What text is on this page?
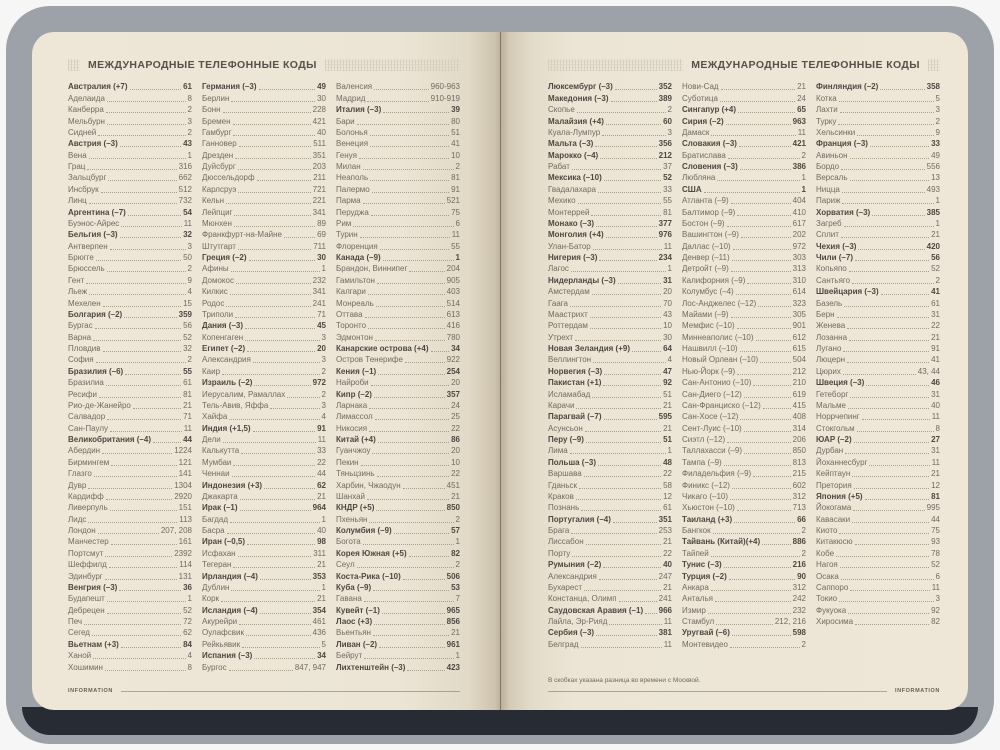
МЕЖДУНАРОДНЫЕ ТЕЛЕФОННЫЕ КОДЫ
Австралия (+7)	61
Аделаида	8
Канберра	2
Мельбурн	3
Сидней	2
Австрия (–3)	43
Вена	1
Грац	316
Зальцбург	662
Инсбрук	512
Линц	732
Аргентина (–7)	54
Буэнос-Айрес	11
Бельгия (–3)	32
Антверпен	3
Брюгге	50
Брюссель	2
Гент	9
Льеж	4
Мехелен	15
Болгария (–2)	359
Бургас	56
Варна	52
Пловдив	32
София	2
Бразилия (–6)	55
Бразилиа	61
Ресифи	81
Рио-де-Жанейро	21
Салвадор	71
Сан-Паулу	11
Великобритания (–4)	44
Абердин	1224
Бирмингем	121
Глазго	141
Дувр	1304
Кардифф	2920
Ливерпуль	151
Лидс	113
Лондон	207, 208
Манчестер	161
Портсмут	2392
Шеффилд	114
Эдинбург	131
Венгрия (–3)	36
Будапешт	1
Дебрецен	52
Печ	72
Сегед	62
Вьетнам (+3)	84
Ханой	4
Хошимин	8
Германия (–3)	49
Берлин	30
Бонн	228
Бремен	421
Гамбург	40
Ганновер	511
Дрезден	351
Дуйсбург	203
Дюссельдорф	211
Карлсруэ	721
Кельн	221
Лейпциг	341
Мюнхен	89
Франкфурт-на-Майне	69
Штутгарт	711
Греция (–2)	30
Афины	1
Домокос	232
Килкис	341
Родос	241
Триполи	71
Дания (–3)	45
Копенгаген	3
Египет (–2)	20
Александрия	3
Каир	2
Израиль (–2)	972
Иерусалим, Рамаллах	2
Тель-Авив, Яффа	3
Хайфа	4
Индия (+1,5)	91
Дели	11
Калькутта	33
Мумбаи	22
Ченнаи	44
Индонезия (+3)	62
Джакарта	21
Ирак (–1)	964
Багдад	1
Басра	40
Иран (–0,5)	98
Исфахан	311
Тегеран	21
Ирландия (–4)	353
Дублин	1
Корк	21
Исландия (–4)	354
Акурейри	461
Оулафсвик	436
Рейкьявик	5
Испания (–3)	34
Бургос	847, 947
Валенсия	960-963
Мадрид	910-919
Италия (–3)	39
Бари	80
Болонья	51
Венеция	41
Генуя	10
Милан	2
Неаполь	81
Палермо	91
Парма	521
Перуджа	75
Рим	6
Турин	11
Флоренция	55
Канада (–9)	1
Брандон, Виннипег	204
Гамильтон	905
Калгари	403
Монреаль	514
Оттава	613
Торонто	416
Эдмонтон	780
Канарские острова (+4)	34
Остров Тенерифе	922
Кения (–1)	254
Найроби	20
Кипр (–2)	357
Ларнака	24
Лимассол	25
Никосия	22
Китай (+4)	86
Гуанчжоу	20
Пекин	10
Тяньцзинь	22
Харбин, Чжаодун	451
Шанхай	21
КНДР (+5)	850
Пхеньян	2
Колумбия (–9)	57
Богота	1
Корея Южная (+5)	82
Сеул	2
Коста-Рика (–10)	506
Куба (–9)	53
Гавана	7
Кувейт (–1)	965
Лаос (+3)	856
Вьентьян	21
Ливан (–2)	961
Бейрут	1
Лихтенштейн (–3)	423
INFORMATION
МЕЖДУНАРОДНЫЕ ТЕЛЕФОННЫЕ КОДЫ
Люксембург (–3)	352
Македония (–3)	389
Скопье	2
Малайзия (+4)	60
Куала-Лумпур	3
Мальта (–3)	356
Марокко (–4)	212
Рабат	37
Мексика (–10)	52
Гвадалахара	33
Мехико	55
Монтеррей	81
Монако (–3)	377
Монголия (+4)	976
Улан-Батор	11
Нигерия (–3)	234
Лагос	1
Нидерланды (–3)	31
Амстердам	20
Гаага	70
Маастрихт	43
Роттердам	10
Утрехт	30
Новая Зеландия (+9)	64
Веллингтон	4
Норвегия (–3)	47
Пакистан (+1)	92
Исламабад	51
Карачи	21
Парагвай (–7)	595
Асунсьон	21
Перу (–9)	51
Лима	1
Польша (–3)	48
Варшава	22
Гданьск	58
Краков	12
Познань	61
Португалия (–4)	351
Брага	253
Лиссабон	21
Порту	22
Румыния (–2)	40
Александрия	247
Бухарест	21
Констанца, Олимп	241
Саудовская Аравия (–1) 966
Лайла, Эр-Рияд	11
Сербия (–3)	381
Белград	11
Нови-Сад	21
Суботица	24
Сингапур (+4)	65
Сирия (–2)	963
Дамаск	11
Словакия (–3)	421
Братислава	2
Словения (–3)	386
Любляна	1
США	1
Атланта (–9)	404
Балтимор (–9)	410
Бостон (–9)	617
Вашингтон (–9)	202
Даллас (–10)	972
Денвер (–11)	303
Детройт (–9)	313
Калифорния (–9)	310
Колумбус (–4)	614
Лос-Анджелес (–12)	323
Майами (–9)	305
Мемфис (–10)	901
Миннеаполис (–10)	612
Нашвилл (–10)	615
Новый Орлеан (–10)	504
Нью-Йорк (–9)	212
Сан-Антонио (–10)	210
Сан-Диего (–12)	619
Сан-Франциско (–12)	415
Сан-Хосе (–12)	408
Сент-Луис (–10)	314
Сиэтл (–12)	206
Таллахасси (–9)	850
Тампа (–9)	813
Филадельфия (–9)	215
Финикс (–12)	602
Чикаго (–10)	312
Хьюстон (–10)	713
Таиланд (+3)	66
Бангкок	2
Тайвань (Китай)(+4)	886
Тайпей	2
Тунис (–3)	216
Турция (–2)	90
Анкара	312
Анталья	242
Измир	232
Стамбул	212, 216
Уругвай (–6)	598
Монтевидео	2
Финляндия (–2)	358
Котка	5
Лахти	3
Турку	2
Хельсинки	9
Франция (–3)	33
Авиньон	49
Бордо	556
Версаль	13
Ницца	493
Париж	1
Хорватия (–3)	385
Загреб	1
Сплит	21
Чехия (–3)	420
Чили (–7)	56
Копьяпо	52
Сантьяго	2
Швейцария (–3)	41
Базель	61
Берн	31
Женева	22
Лозанна	21
Лугано	91
Люцерн	41
Цюрих	43, 44
Швеция (–3)	46
Гетеборг	31
Мальме	40
Норрчепинг	11
Стокгольм	8
ЮАР (–2)	27
Дурбан	31
Йоханнесбург	11
Кейптаун	21
Претория	12
Япония (+5)	81
Йокогама	995
Кавасаки	44
Киото	75
Китакюсю	93
Кобе	78
Нагоя	52
Осака	6
Саппоро	11
Токио	3
Фукуока	92
Хиросима	82
В скобках указана разница во времени с Москвой.
INFORMATION
